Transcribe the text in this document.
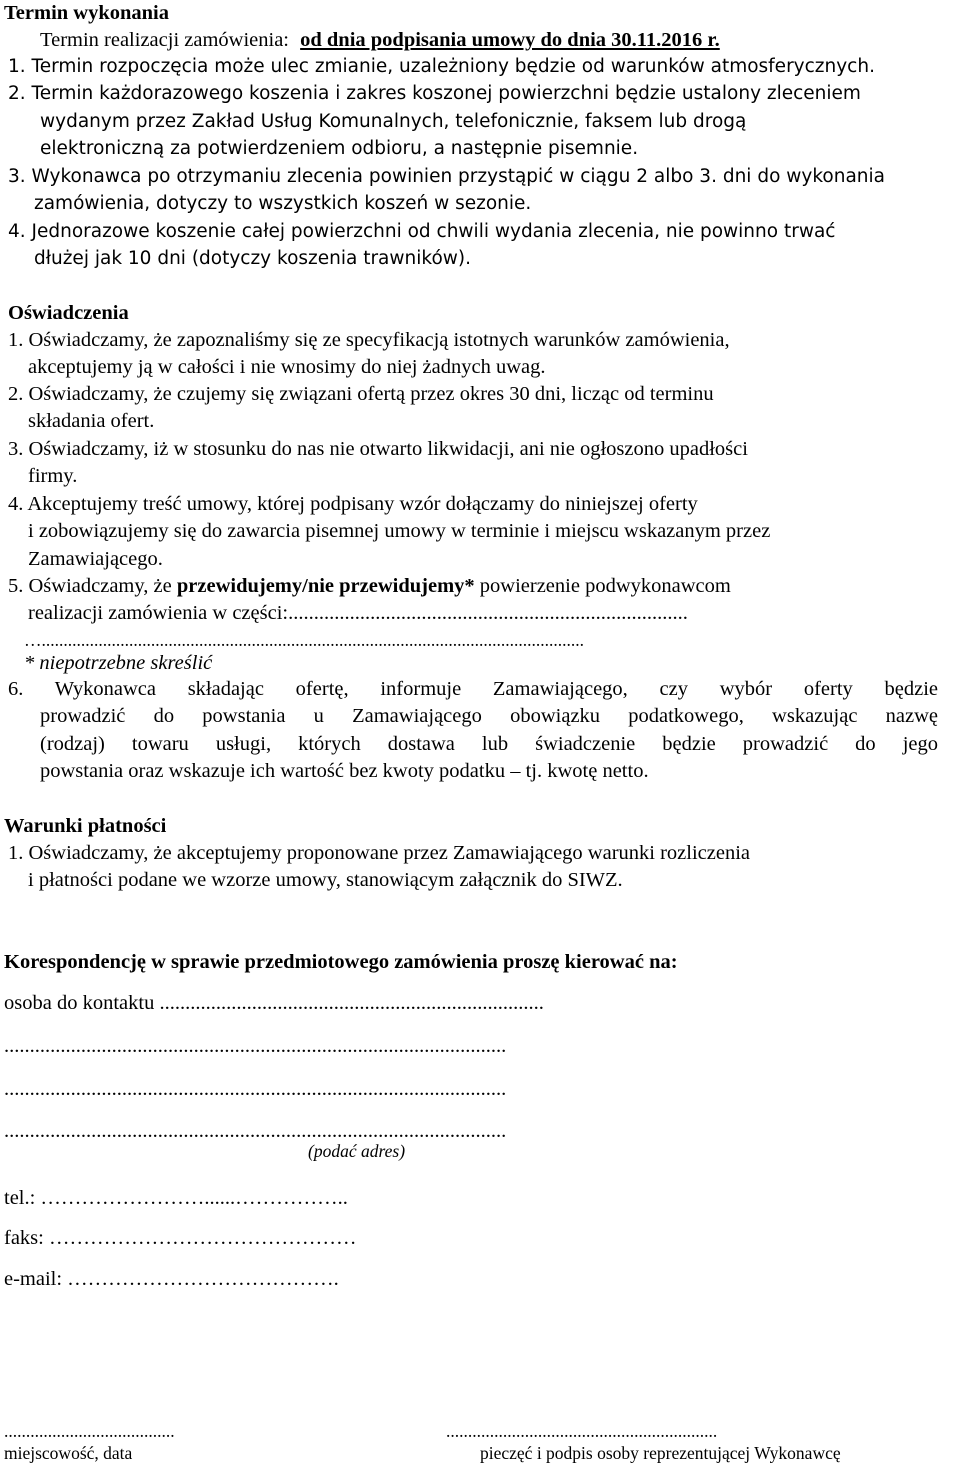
Termin wykonania
Termin realizacji zamówienia: od dnia podpisania umowy do dnia 30.11.2016 r.
1. Termin rozpoczęcia może ulec zmianie, uzależniony będzie od warunków atmosferycznych.
2. Termin każdorazowego koszenia i zakres koszonej powierzchni będzie ustalony zleceniem
wydanym przez Zakład Usług Komunalnych, telefonicznie, faksem lub drogą
elektroniczną za potwierdzeniem odbioru, a następnie pisemnie.
3. Wykonawca po otrzymaniu zlecenia powinien przystąpić w ciągu 2 albo 3. dni do wykonania
zamówienia, dotyczy to wszystkich koszeń w sezonie.
4. Jednorazowe koszenie całej powierzchni od chwili wydania zlecenia, nie powinno trwać
dłużej jak 10 dni (dotyczy koszenia trawników).
Oświadczenia
1. Oświadczamy, że zapoznaliśmy się ze specyfikacją istotnych warunków zamówienia,
akceptujemy ją w całości i nie wnosimy do niej żadnych uwag.
2. Oświadczamy, że czujemy się związani ofertą przez okres 30 dni, licząc od terminu
składania ofert.
3. Oświadczamy, iż w stosunku do nas nie otwarto likwidacji, ani nie ogłoszono upadłości
firmy.
4. Akceptujemy treść umowy, której podpisany wzór dołączamy do niniejszej oferty
i zobowiązujemy się do zawarcia pisemnej umowy w terminie i miejscu wskazanym przez
Zamawiającego.
5. Oświadczamy, że przewidujemy/nie przewidujemy* powierzenie podwykonawcom
realizacji zamówienia w części:..............................................................................
…............................................................................................................................
* niepotrzebne skreślić
6. Wykonawca składając ofertę, informuje Zamawiającego, czy wybór oferty będzie
prowadzić do powstania u Zamawiającego obowiązku podatkowego, wskazując nazwę
(rodzaj) towaru usługi, których dostawa lub świadczenie będzie prowadzić do jego
powstania oraz wskazuje ich wartość bez kwoty podatku – tj. kwotę netto.
Warunki płatności
1. Oświadczamy, że akceptujemy proponowane przez Zamawiającego warunki rozliczenia
i płatności podane we wzorze umowy, stanowiącym załącznik do SIWZ.
Korespondencję w sprawie przedmiotowego zamówienia proszę kierować na:
osoba do kontaktu ...........................................................................
..................................................................................................
..................................................................................................
..................................................................................................
(podać adres)
tel.: ……………………......……………..
faks: ………………………………………
e-mail: ………………………………….
.......................................
miejscowość, data
..............................................................
pieczęć i podpis osoby reprezentującej Wykonawcę
